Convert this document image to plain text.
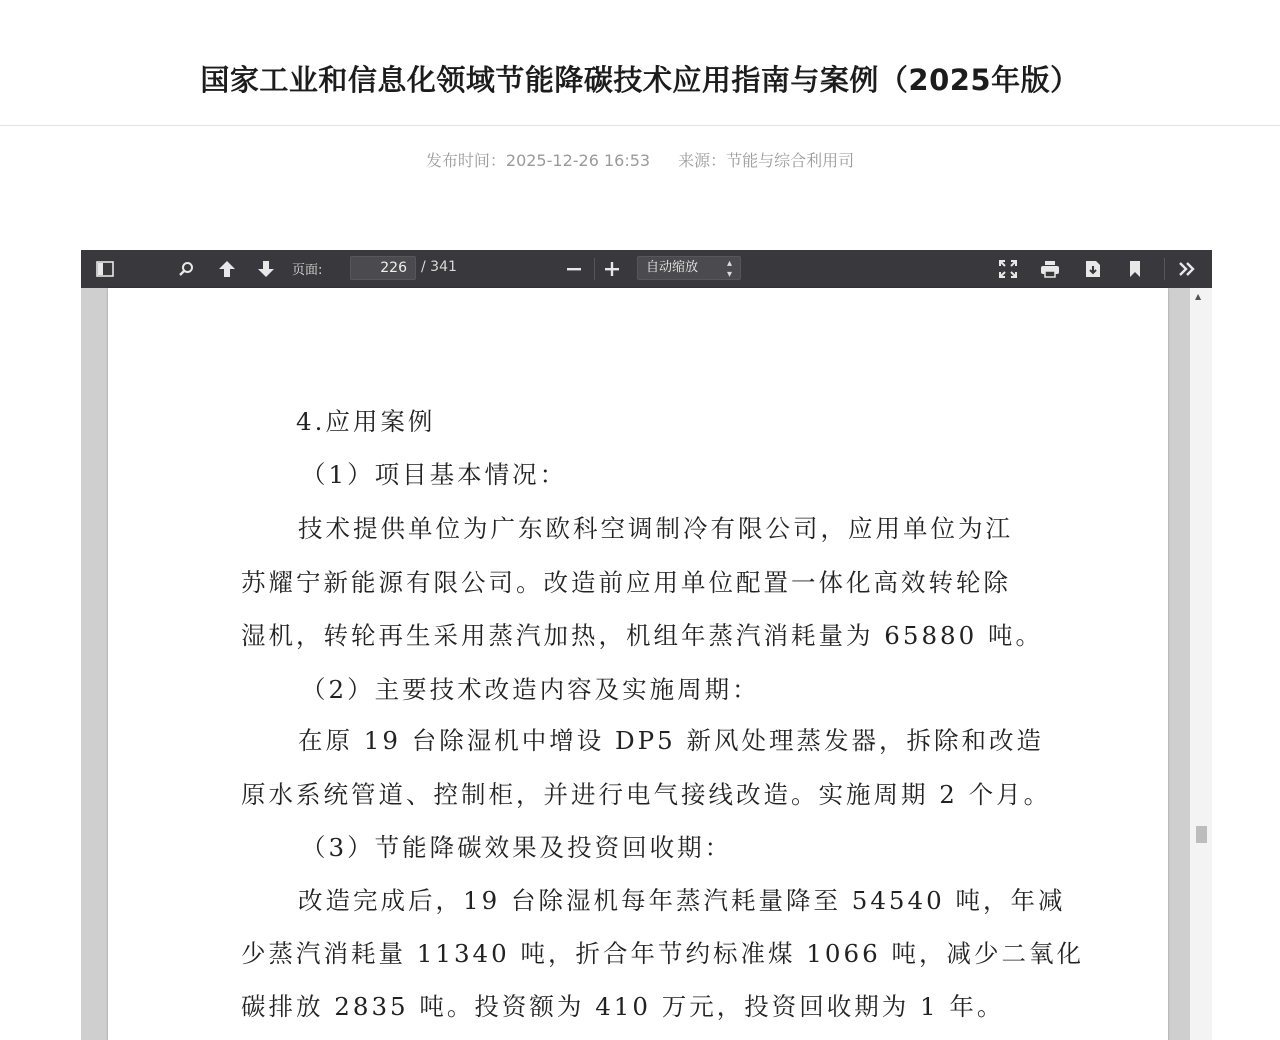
国家工业和信息化领域节能降碳技术应用指南与案例（2025年版）
发布时间：2025-12-26 16:53 来源：节能与综合利用司
页面:	226	/ 341	自动缩放	▴
▾
4.应用案例
（1）项目基本情况：
技术提供单位为广东欧科空调制冷有限公司，应用单位为江
苏耀宁新能源有限公司。改造前应用单位配置一体化高效转轮除
湿机，转轮再生采用蒸汽加热，机组年蒸汽消耗量为 65880 吨。
（2）主要技术改造内容及实施周期：
在原 19 台除湿机中增设 DP5 新风处理蒸发器，拆除和改造
原水系统管道、控制柜，并进行电气接线改造。实施周期 2 个月。
（3）节能降碳效果及投资回收期：
改造完成后，19 台除湿机每年蒸汽耗量降至 54540 吨，年减
少蒸汽消耗量 11340 吨，折合年节约标准煤 1066 吨，减少二氧化
碳排放 2835 吨。投资额为 410 万元，投资回收期为 1 年。
▲
